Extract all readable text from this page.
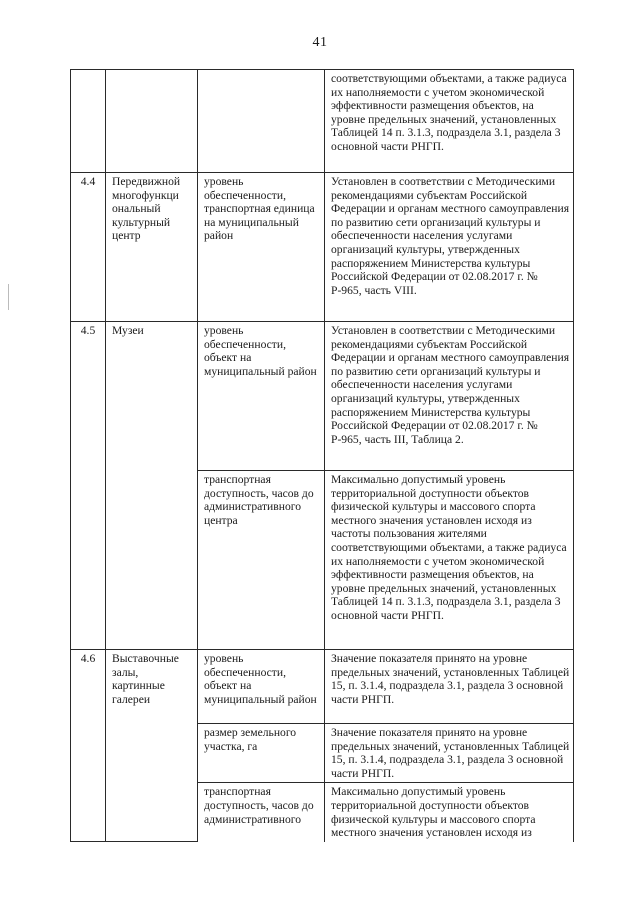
41
			соответствующими объектами, а также радиуса их наполняемости с учетом экономической эффективности размещения объектов, на уровне предельных значений, установленных Таблицей 14 п. 3.1.3, подраздела 3.1, раздела 3 основной части РНГП.
4.4	Передвижной многофункци ональный культурный центр	уровень обеспеченности, транспортная единица на муниципальный район	Установлен в соответствии с Методическими рекомендациями субъектам Российской Федерации и органам местного самоуправления по развитию сети организаций культуры и обеспеченности населения услугами организаций культуры, утвержденных распоряжением Министерства культуры Российской Федерации от 02.08.2017 г. № Р-965, часть VIII.
4.5	Музеи	уровень обеспеченности, объект на муниципальный район	Установлен в соответствии с Методическими рекомендациями субъектам Российской Федерации и органам местного самоуправления по развитию сети организаций культуры и обеспеченности населения услугами организаций культуры, утвержденных распоряжением Министерства культуры Российской Федерации от 02.08.2017 г. № Р-965, часть III, Таблица 2.
		транспортная доступность, часов до административного центра	Максимально допустимый уровень территориальной доступности объектов физической культуры и массового спорта местного значения установлен исходя из частоты пользования жителями соответствующими объектами, а также радиуса их наполняемости с учетом экономической эффективности размещения объектов, на уровне предельных значений, установленных Таблицей 14 п. 3.1.3, подраздела 3.1, раздела 3 основной части РНГП.
4.6	Выставочные залы, картинные галереи	уровень обеспеченности, объект на муниципальный район	Значение показателя принято на уровне предельных значений, установленных Таблицей 15, п. 3.1.4, подраздела 3.1, раздела 3 основной части РНГП.
		размер земельного участка, га	Значение показателя принято на уровне предельных значений, установленных Таблицей 15, п. 3.1.4, подраздела 3.1, раздела 3 основной части РНГП.
		транспортная доступность, часов до административного	Максимально допустимый уровень территориальной доступности объектов физической культуры и массового спорта местного значения установлен исходя из
